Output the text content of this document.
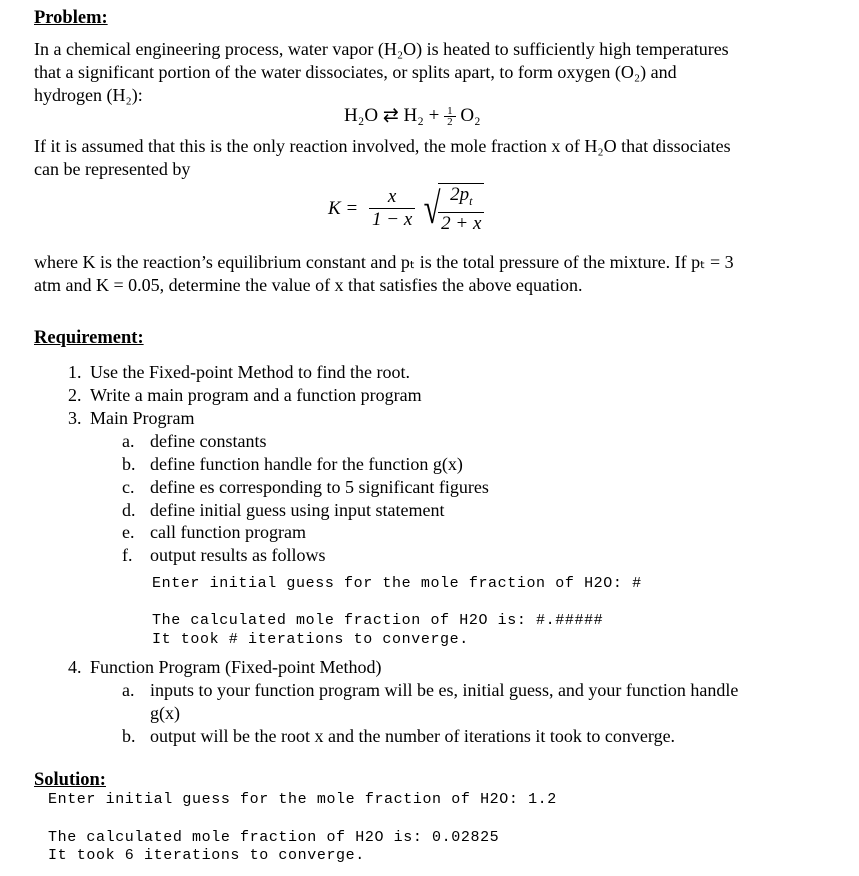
Problem:
In a chemical engineering process, water vapor (H₂O) is heated to sufficiently high temperatures
that a significant portion of the water dissociates, or splits apart, to form oxygen (O₂) and
hydrogen (H₂):
H₂O ⇄ $H_2 + \frac{1}{2} O_2$
If it is assumed that this is the only reaction involved, the mole fraction x of H₂O that dissociates
can be represented by
$K = \frac{x}{1 - x}$ √
$\frac{2p_t}{2 + x}$
where K is the reaction’s equilibrium constant and pₜ is the total pressure of the mixture. If pₜ = 3
atm and K = 0.05, determine the value of x that satisfies the above equation.
Requirement:
1. Use the Fixed-point Method to find the root.
2. Write a main program and a function program
3. Main Program
a. define constants
b. define function handle for the function g(x)
c. define es corresponding to 5 significant figures
d. define initial guess using input statement
e. call function program
f. output results as follows
Enter initial guess for the mole fraction of H2O: #
The calculated mole fraction of H2O is: #.#####
It took # iterations to converge.
4. Function Program (Fixed-point Method)
a. inputs to your function program will be es, initial guess, and your function handle
g(x)
b. output will be the root x and the number of iterations it took to converge.
Solution:
Enter initial guess for the mole fraction of H2O: 1.2
The calculated mole fraction of H2O is: 0.02825
It took 6 iterations to converge.
